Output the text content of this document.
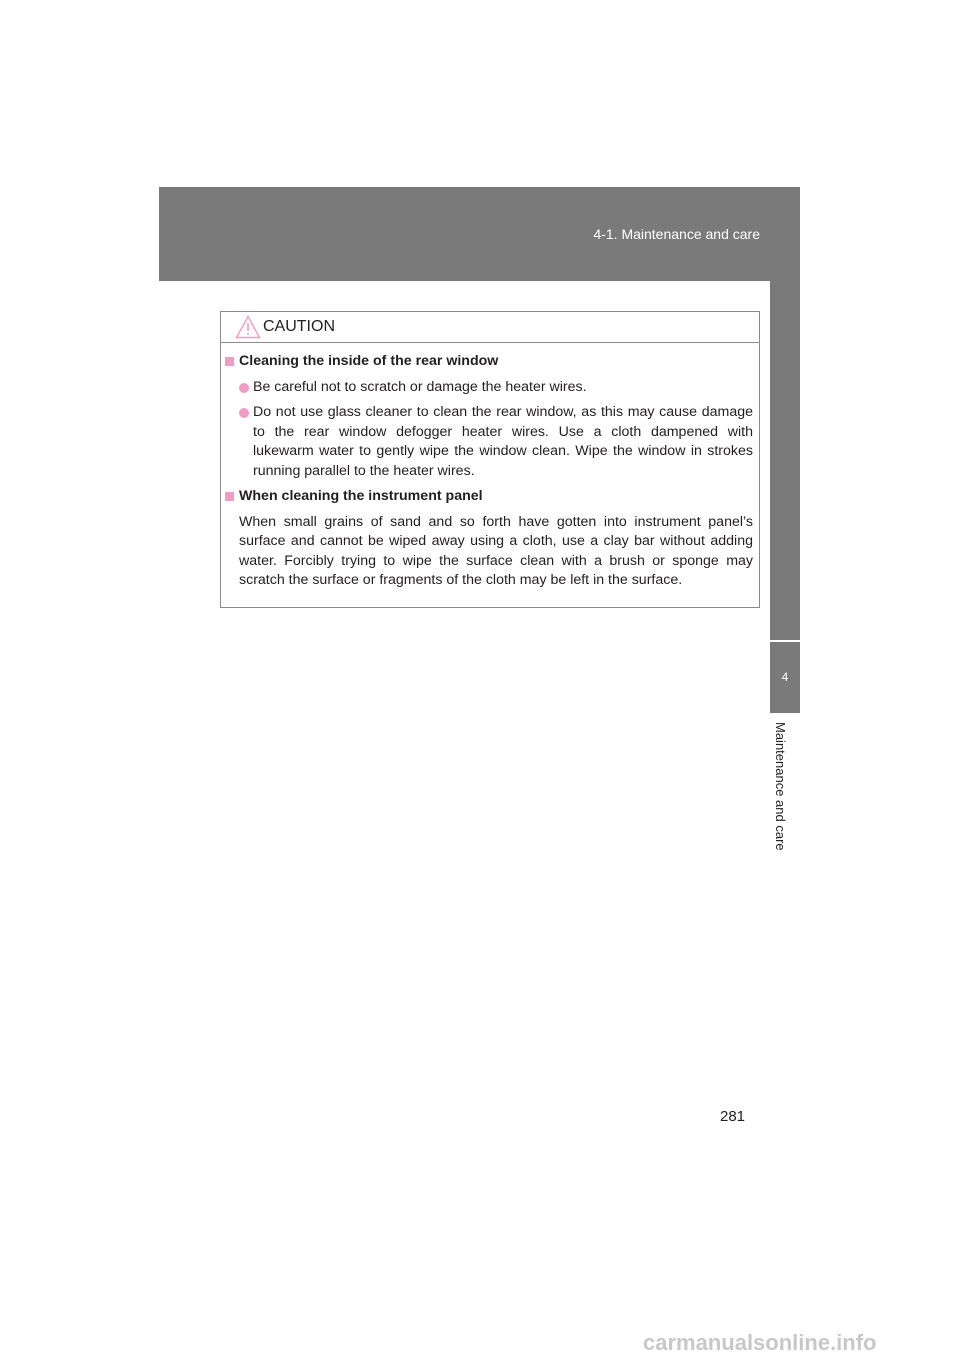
4-1. Maintenance and care
4
Maintenance and care
CAUTION
Cleaning the inside of the rear window
Be careful not to scratch or damage the heater wires.
Do not use glass cleaner to clean the rear window, as this may cause damage to the rear window defogger heater wires. Use a cloth dampened with lukewarm water to gently wipe the window clean. Wipe the window in strokes running parallel to the heater wires.
When cleaning the instrument panel
When small grains of sand and so forth have gotten into instrument panel’s surface and cannot be wiped away using a cloth, use a clay bar without adding water. Forcibly trying to wipe the surface clean with a brush or sponge may scratch the surface or fragments of the cloth may be left in the surface.
281
carmanualsonline.info
